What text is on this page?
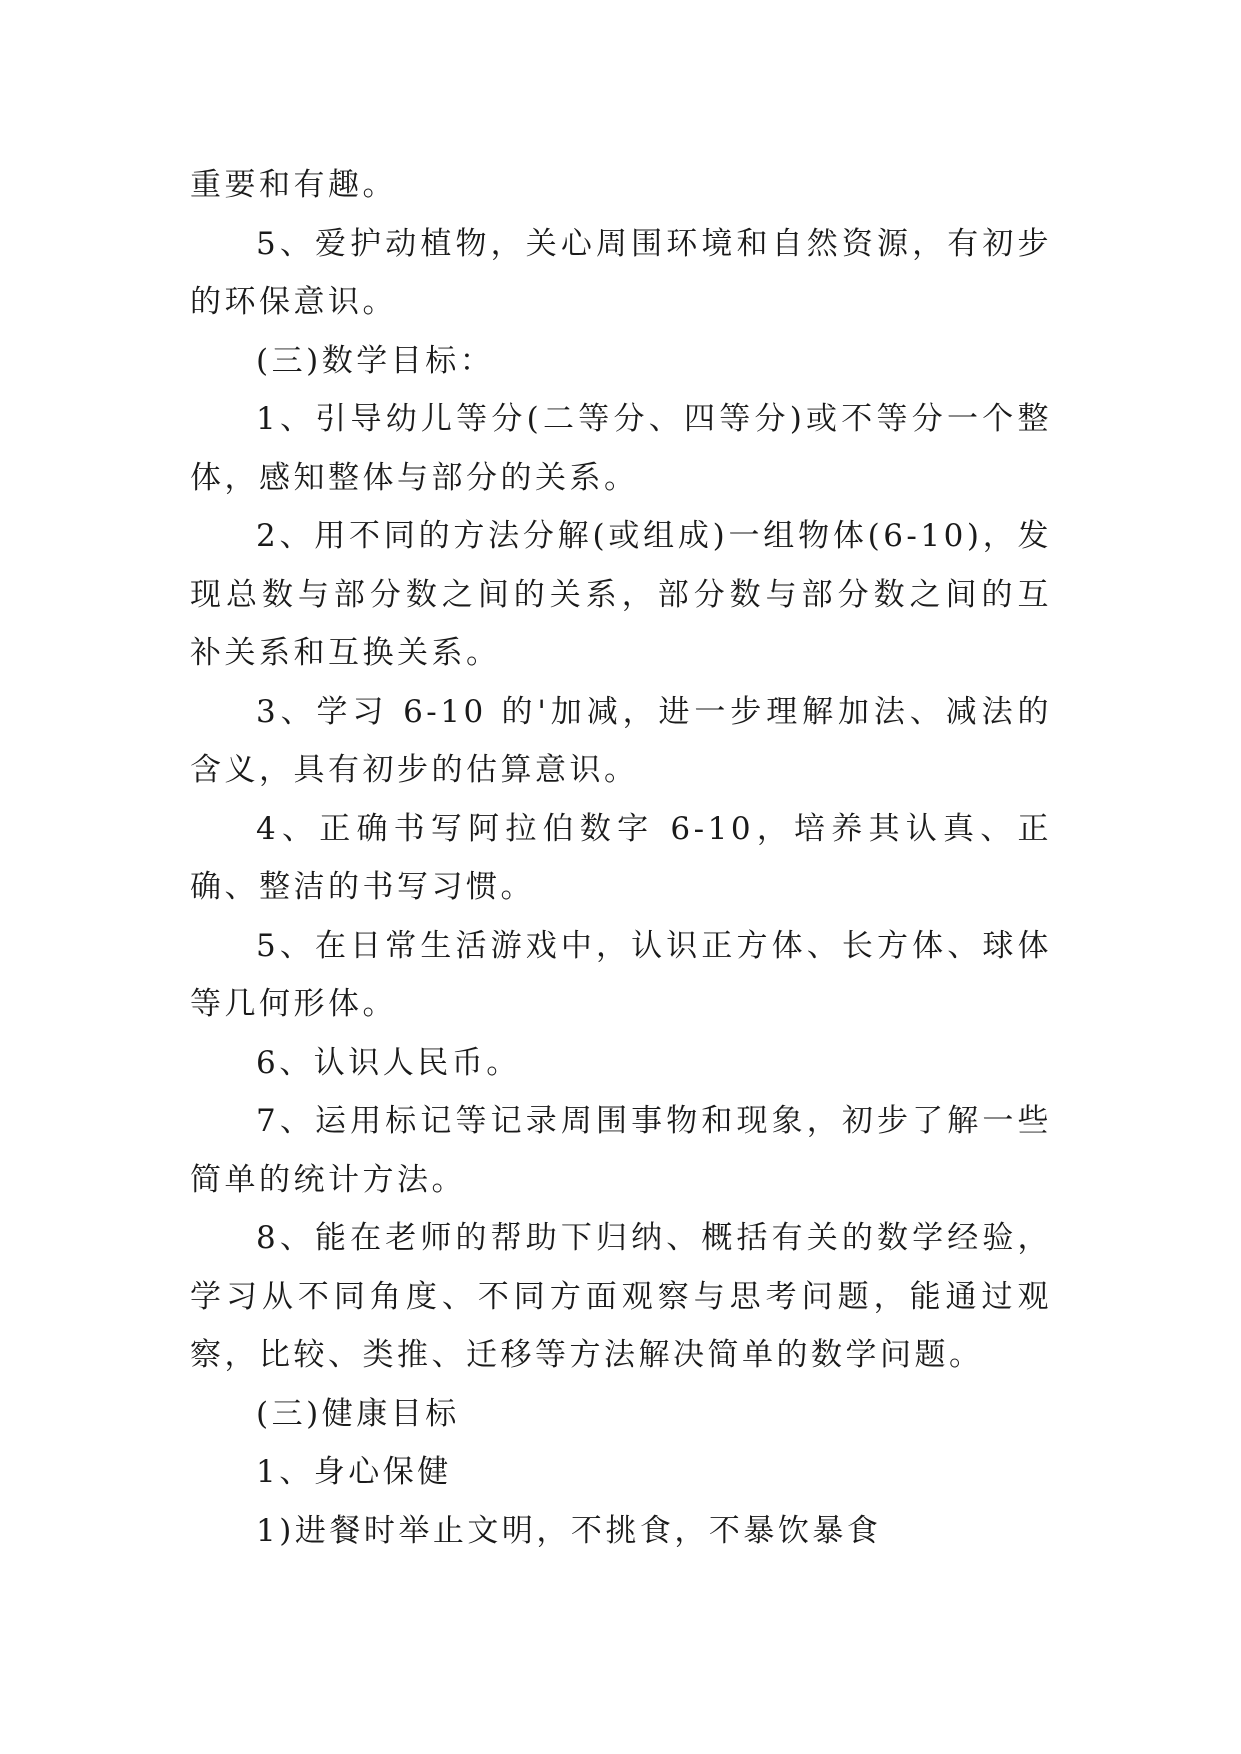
重要和有趣。

5、爱护动植物，关心周围环境和自然资源，有初步的环保意识。

(三)数学目标：

1、引导幼儿等分(二等分、四等分)或不等分一个整体，感知整体与部分的关系。

2、用不同的方法分解(或组成)一组物体(6-10)，发现总数与部分数之间的关系，部分数与部分数之间的互补关系和互换关系。

3、学习 6-10 的'加减，进一步理解加法、减法的含义，具有初步的估算意识。

4、正确书写阿拉伯数字 6-10，培养其认真、正确、整洁的书写习惯。

5、在日常生活游戏中，认识正方体、长方体、球体等几何形体。

6、认识人民币。

7、运用标记等记录周围事物和现象，初步了解一些简单的统计方法。

8、能在老师的帮助下归纳、概括有关的数学经验，学习从不同角度、不同方面观察与思考问题，能通过观察，比较、类推、迁移等方法解决简单的数学问题。

(三)健康目标

1、身心保健

1)进餐时举止文明，不挑食，不暴饮暴食
